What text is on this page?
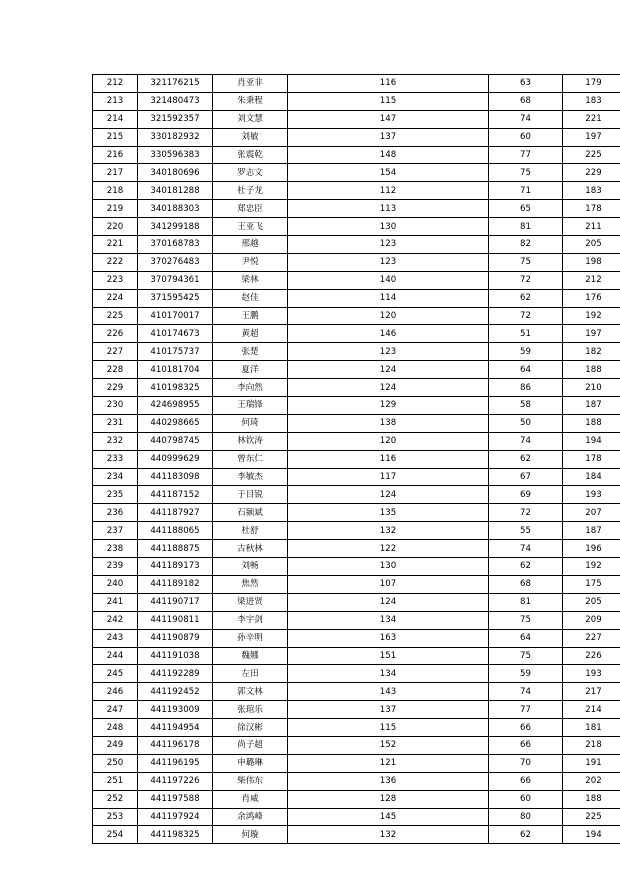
212	321176215	肖亚非	116	63	179
213	321480473	朱秉程	115	68	183
214	321592357	刘文慧	147	74	221
215	330182932	刘敏	137	60	197
216	330596383	张震乾	148	77	225
217	340180696	罗志文	154	75	229
218	340181288	杜子龙	112	71	183
219	340188303	郑忠臣	113	65	178
220	341299188	王亚飞	130	81	211
221	370168783	邢越	123	82	205
222	370276483	尹悦	123	75	198
223	370794361	梁林	140	72	212
224	371595425	赵佳	114	62	176
225	410170017	王鹏	120	72	192
226	410174673	黄超	146	51	197
227	410175737	张楚	123	59	182
228	410181704	夏洋	124	64	188
229	410198325	李向然	124	86	210
230	424698955	王瑞锋	129	58	187
231	440298665	何琦	138	50	188
232	440798745	林钦涛	120	74	194
233	440999629	曾东仁	116	62	178
234	441183098	李敏杰	117	67	184
235	441187152	于目锐	124	69	193
236	441187927	石颍斌	135	72	207
237	441188065	杜舒	132	55	187
238	441188875	古秋林	122	74	196
239	441189173	刘畅	130	62	192
240	441189182	焦然	107	68	175
241	441190717	梁进贤	124	81	205
242	441190811	李宇剑	134	75	209
243	441190879	孙辛明	163	64	227
244	441191038	魏娜	151	75	226
245	441192289	左田	134	59	193
246	441192452	郭文林	143	74	217
247	441193009	张琯乐	137	77	214
248	441194954	徐汉彬	115	66	181
249	441196178	尚子超	152	66	218
250	441196195	申璐琳	121	70	191
251	441197226	柴伟东	136	66	202
252	441197588	肖威	128	60	188
253	441197924	余鸿峰	145	80	225
254	441198325	何璇	132	62	194
